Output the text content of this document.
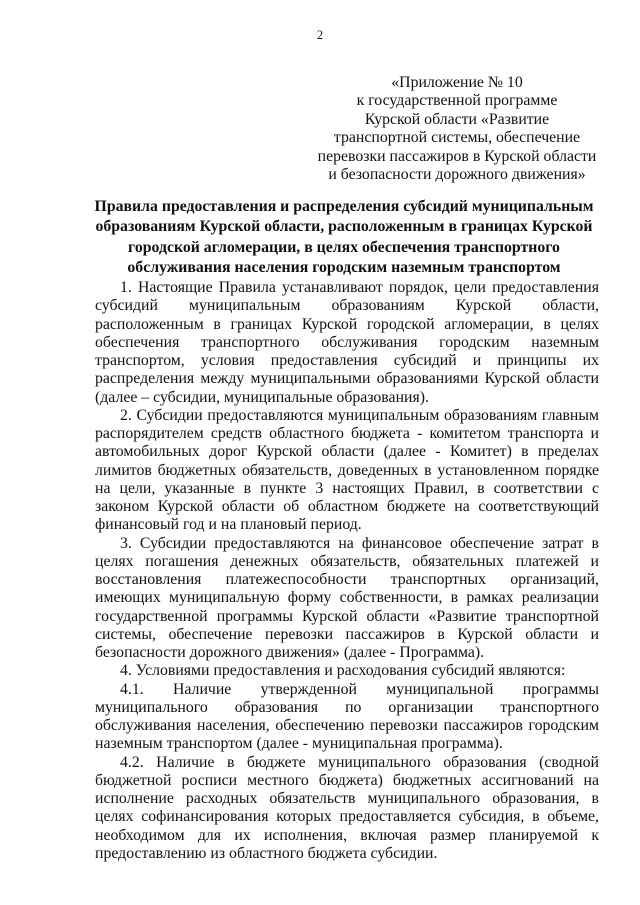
2
«Приложение № 10
к государственной программе
Курской области «Развитие
транспортной системы, обеспечение
перевозки пассажиров в Курской области
и безопасности дорожного движения»
Правила предоставления и распределения субсидий муниципальным
образованиям Курской области, расположенным в границах Курской
городской агломерации, в целях обеспечения транспортного
обслуживания населения городским наземным транспортом

1. Настоящие Правила устанавливают порядок, цели предоставления субсидий муниципальным образованиям Курской области, расположенным в границах Курской городской агломерации, в целях обеспечения транспортного обслуживания городским наземным транспортом, условия предоставления субсидий и принципы их распределения между муниципальными образованиями Курской области (далее – субсидии, муниципальные образования).

2. Субсидии предоставляются муниципальным образованиям главным распорядителем средств областного бюджета - комитетом транспорта и автомобильных дорог Курской области (далее - Комитет) в пределах лимитов бюджетных обязательств, доведенных в установленном порядке на цели, указанные в пункте 3 настоящих Правил, в соответствии с законом Курской области об областном бюджете на соответствующий финансовый год и на плановый период.

3. Субсидии предоставляются на финансовое обеспечение затрат в целях погашения денежных обязательств, обязательных платежей и восстановления платежеспособности транспортных организаций, имеющих муниципальную форму собственности, в рамках реализации государственной программы Курской области «Развитие транспортной системы, обеспечение перевозки пассажиров в Курской области и безопасности дорожного движения» (далее - Программа).

4. Условиями предоставления и расходования субсидий являются:

4.1. Наличие утвержденной муниципальной программы муниципального образования по организации транспортного обслуживания населения, обеспечению перевозки пассажиров городским наземным транспортом (далее - муниципальная программа).

4.2. Наличие в бюджете муниципального образования (сводной бюджетной росписи местного бюджета) бюджетных ассигнований на исполнение расходных обязательств муниципального образования, в целях софинансирования которых предоставляется субсидия, в объеме, необходимом для их исполнения, включая размер планируемой к предоставлению из областного бюджета субсидии.
